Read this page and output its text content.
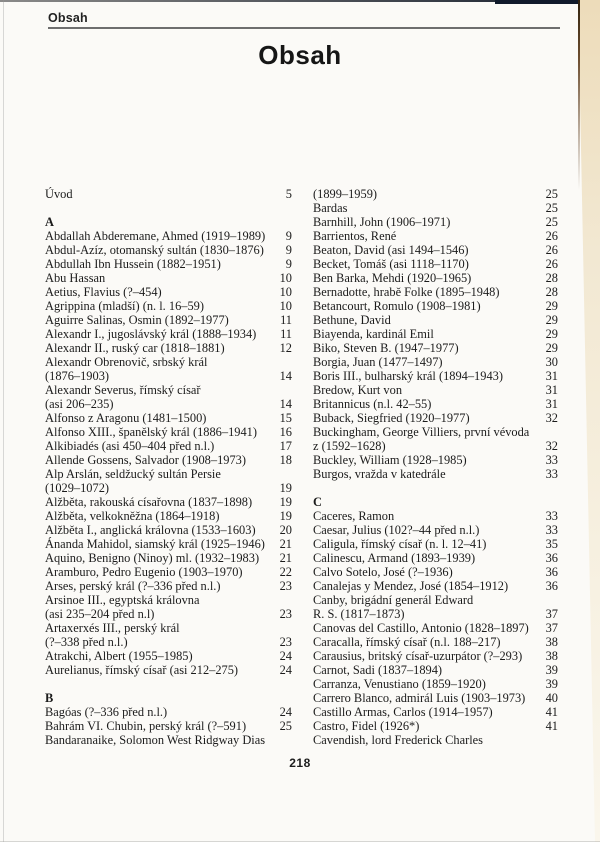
Obsah
Obsah
Úvod	5
A
Abdallah Abderemane, Ahmed (1919–1989)	9
Abdul-Azíz, otomanský sultán (1830–1876)	9
Abdullah Ibn Hussein (1882–1951)	9
Abu Hassan	10
Aetius, Flavius (?–454)	10
Agrippina (mladší) (n. l. 16–59)	10
Aguirre Salinas, Osmin (1892–1977)	11
Alexandr I., jugoslávský král (1888–1934)	11
Alexandr II., ruský car (1818–1881)	12
Alexandr Obrenovič, srbský král
(1876–1903)	14
Alexandr Severus, římský císař
(asi 206–235)	14
Alfonso z Aragonu (1481–1500)	15
Alfonso XIII., španělský král (1886–1941)	16
Alkibiadés (asi 450–404 před n.l.)	17
Allende Gossens, Salvador (1908–1973)	18
Alp Arslán, seldžucký sultán Persie
(1029–1072)	19
Alžběta, rakouská císařovna (1837–1898)	19
Alžběta, velkokněžna (1864–1918)	19
Alžběta I., anglická královna (1533–1603)	20
Ánanda Mahidol, siamský král (1925–1946)	21
Aquino, Benigno (Ninoy) ml. (1932–1983)	21
Aramburo, Pedro Eugenio (1903–1970)	22
Arses, perský král (?–336 před n.l.)	23
Arsinoe III., egyptská královna
(asi 235–204 před n.l)	23
Artaxerxés III., perský král
(?–338 před n.l.)	23
Atrakchi, Albert (1955–1985)	24
Aurelianus, římský císař (asi 212–275)	24
B
Bagóas (?–336 před n.l.)	24
Bahrám VI. Chubin, perský král (?–591)	25
Bandaranaike, Solomon West Ridgway Dias
(1899–1959)	25
Bardas	25
Barnhill, John (1906–1971)	25
Barrientos, René	26
Beaton, David (asi 1494–1546)	26
Becket, Tomáš (asi 1118–1170)	26
Ben Barka, Mehdi (1920–1965)	28
Bernadotte, hrabě Folke (1895–1948)	28
Betancourt, Romulo (1908–1981)	29
Bethune, David	29
Biayenda, kardinál Emil	29
Biko, Steven B. (1947–1977)	29
Borgia, Juan (1477–1497)	30
Boris III., bulharský král (1894–1943)	31
Bredow, Kurt von	31
Britannicus (n.l. 42–55)	31
Buback, Siegfried (1920–1977)	32
Buckingham, George Villiers, první vévoda
z (1592–1628)	32
Buckley, William (1928–1985)	33
Burgos, vražda v katedrále	33
C
Caceres, Ramon	33
Caesar, Julius (102?–44 před n.l.)	33
Caligula, římský císař (n. l. 12–41)	35
Calinescu, Armand (1893–1939)	36
Calvo Sotelo, José (?–1936)	36
Canalejas y Mendez, José (1854–1912)	36
Canby, brigádní generál Edward
R. S. (1817–1873)	37
Canovas del Castillo, Antonio (1828–1897)	37
Caracalla, římský císař (n.l. 188–217)	38
Carausius, britský císař-uzurpátor (?–293)	38
Carnot, Sadi (1837–1894)	39
Carranza, Venustiano (1859–1920)	39
Carrero Blanco, admirál Luis (1903–1973)	40
Castillo Armas, Carlos (1914–1957)	41
Castro, Fidel (1926*)	41
Cavendish, lord Frederick Charles
218
